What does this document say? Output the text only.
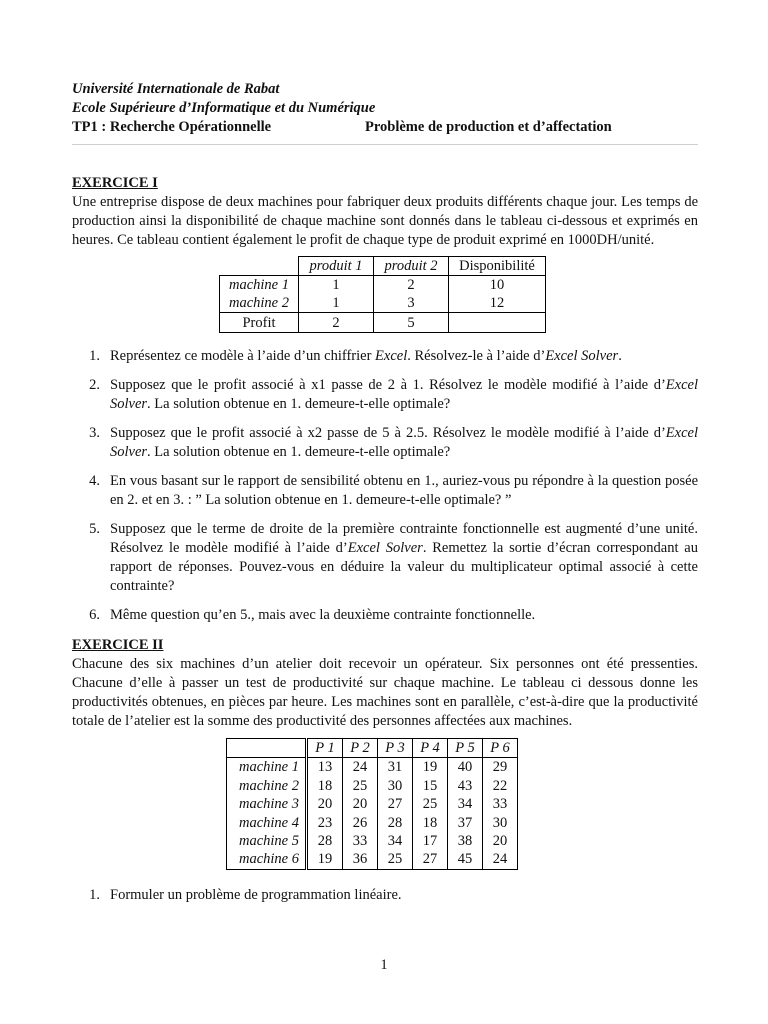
Université Internationale de Rabat
Ecole Supérieure d’Informatique et du Numérique
TP1 : Recherche Opérationnelle	Problème de production et d’affectation
EXERCICE I
Une entreprise dispose de deux machines pour fabriquer deux produits différents chaque jour. Les temps de production ainsi la disponibilité de chaque machine sont donnés dans le tableau ci-dessous et exprimés en heures. Ce tableau contient également le profit de chaque type de produit exprimé en 1000DH/unité.
	produit 1	produit 2	Disponibilité
machine 1	1	2	10
machine 2	1	3	12
Profit	2	5	
1. Représentez ce modèle à l’aide d’un chiffrier Excel. Résolvez-le à l’aide d’Excel Solver.
2. Supposez que le profit associé à x1 passe de 2 à 1. Résolvez le modèle modifié à l’aide d’Excel Solver. La solution obtenue en 1. demeure-t-elle optimale?
3. Supposez que le profit associé à x2 passe de 5 à 2.5. Résolvez le modèle modifié à l’aide d’Excel Solver. La solution obtenue en 1. demeure-t-elle optimale?
4. En vous basant sur le rapport de sensibilité obtenu en 1., auriez-vous pu répondre à la question posée en 2. et en 3. : ” La solution obtenue en 1. demeure-t-elle optimale? ”
5. Supposez que le terme de droite de la première contrainte fonctionnelle est augmenté d’une unité. Résolvez le modèle modifié à l’aide d’Excel Solver. Remettez la sortie d’écran correspondant au rapport de réponses. Pouvez-vous en déduire la valeur du multiplicateur optimal associé à cette contrainte?
6. Même question qu’en 5., mais avec la deuxième contrainte fonctionnelle.
EXERCICE II
Chacune des six machines d’un atelier doit recevoir un opérateur. Six personnes ont été pressenties. Chacune d’elle à passer un test de productivité sur chaque machine. Le tableau ci dessous donne les productivités obtenues, en pièces par heure. Les machines sont en parallèle, c’est-à-dire que la productivité totale de l’atelier est la somme des productivité des personnes affectées aux machines.
	P 1	P 2	P 3	P 4	P 5	P 6
machine 1	13	24	31	19	40	29
machine 2	18	25	30	15	43	22
machine 3	20	20	27	25	34	33
machine 4	23	26	28	18	37	30
machine 5	28	33	34	17	38	20
machine 6	19	36	25	27	45	24
1. Formuler un problème de programmation linéaire.
1
